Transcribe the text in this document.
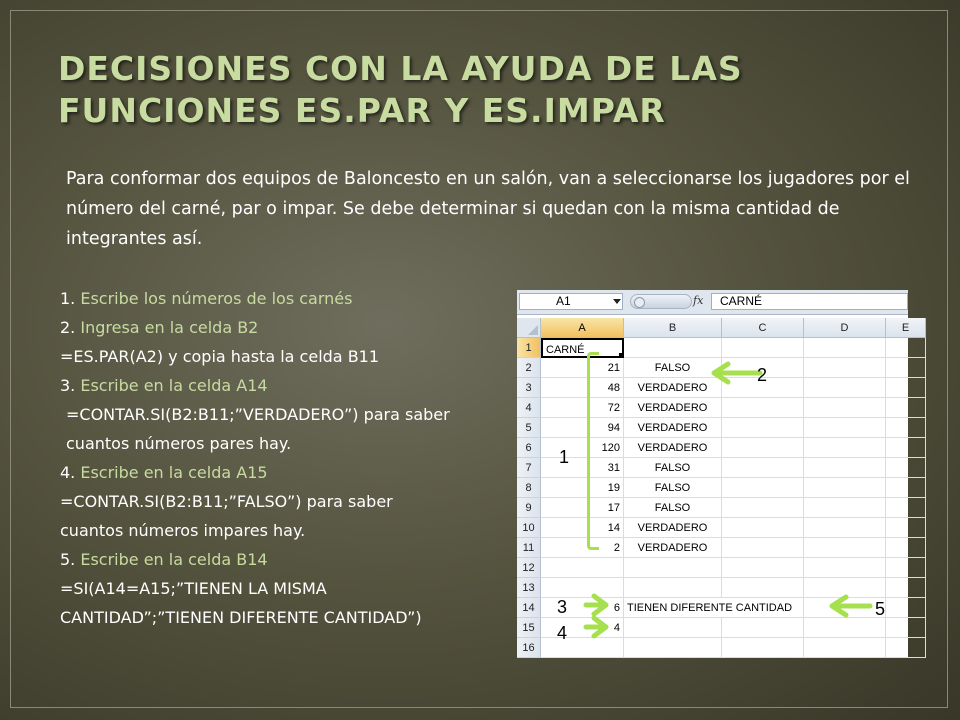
DECISIONES CON LA AYUDA DE LAS
FUNCIONES ES.PAR Y ES.IMPAR
Para conformar dos equipos de Baloncesto en un salón, van a seleccionarse los jugadores por el número del carné, par o impar. Se debe determinar si quedan con la misma cantidad de integrantes así.

1. Escribe los números de los carnés

2. Ingresa en la celda B2

=ES.PAR(A2) y copia hasta la celda B11

3. Escribe en la celda A14

=CONTAR.SI(B2:B11;”VERDADERO”) para saber cuantos números pares hay.

4. Escribe en la celda A15

=CONTAR.SI(B2:B11;”FALSO”) para saber cuantos números impares hay.

5. Escribe en la celda B14

=SI(A14=A15;”TIENEN LA MISMA CANTIDAD”;”TIENEN DIFERENTE CANTIDAD”)

A1	fx	CARNÉ
A	B	C	D	E
1	CARNÉ
2	21	FALSO
3	48	VERDADERO
4	72	VERDADERO
5	94	VERDADERO
6	120	VERDADERO
7	31	FALSO
8	19	FALSO
9	17	FALSO
10	14	VERDADERO
11	2	VERDADERO
12
13
14	6 TIENEN DIFERENTE CANTIDAD
15	4
16
2
1
3
4
5
